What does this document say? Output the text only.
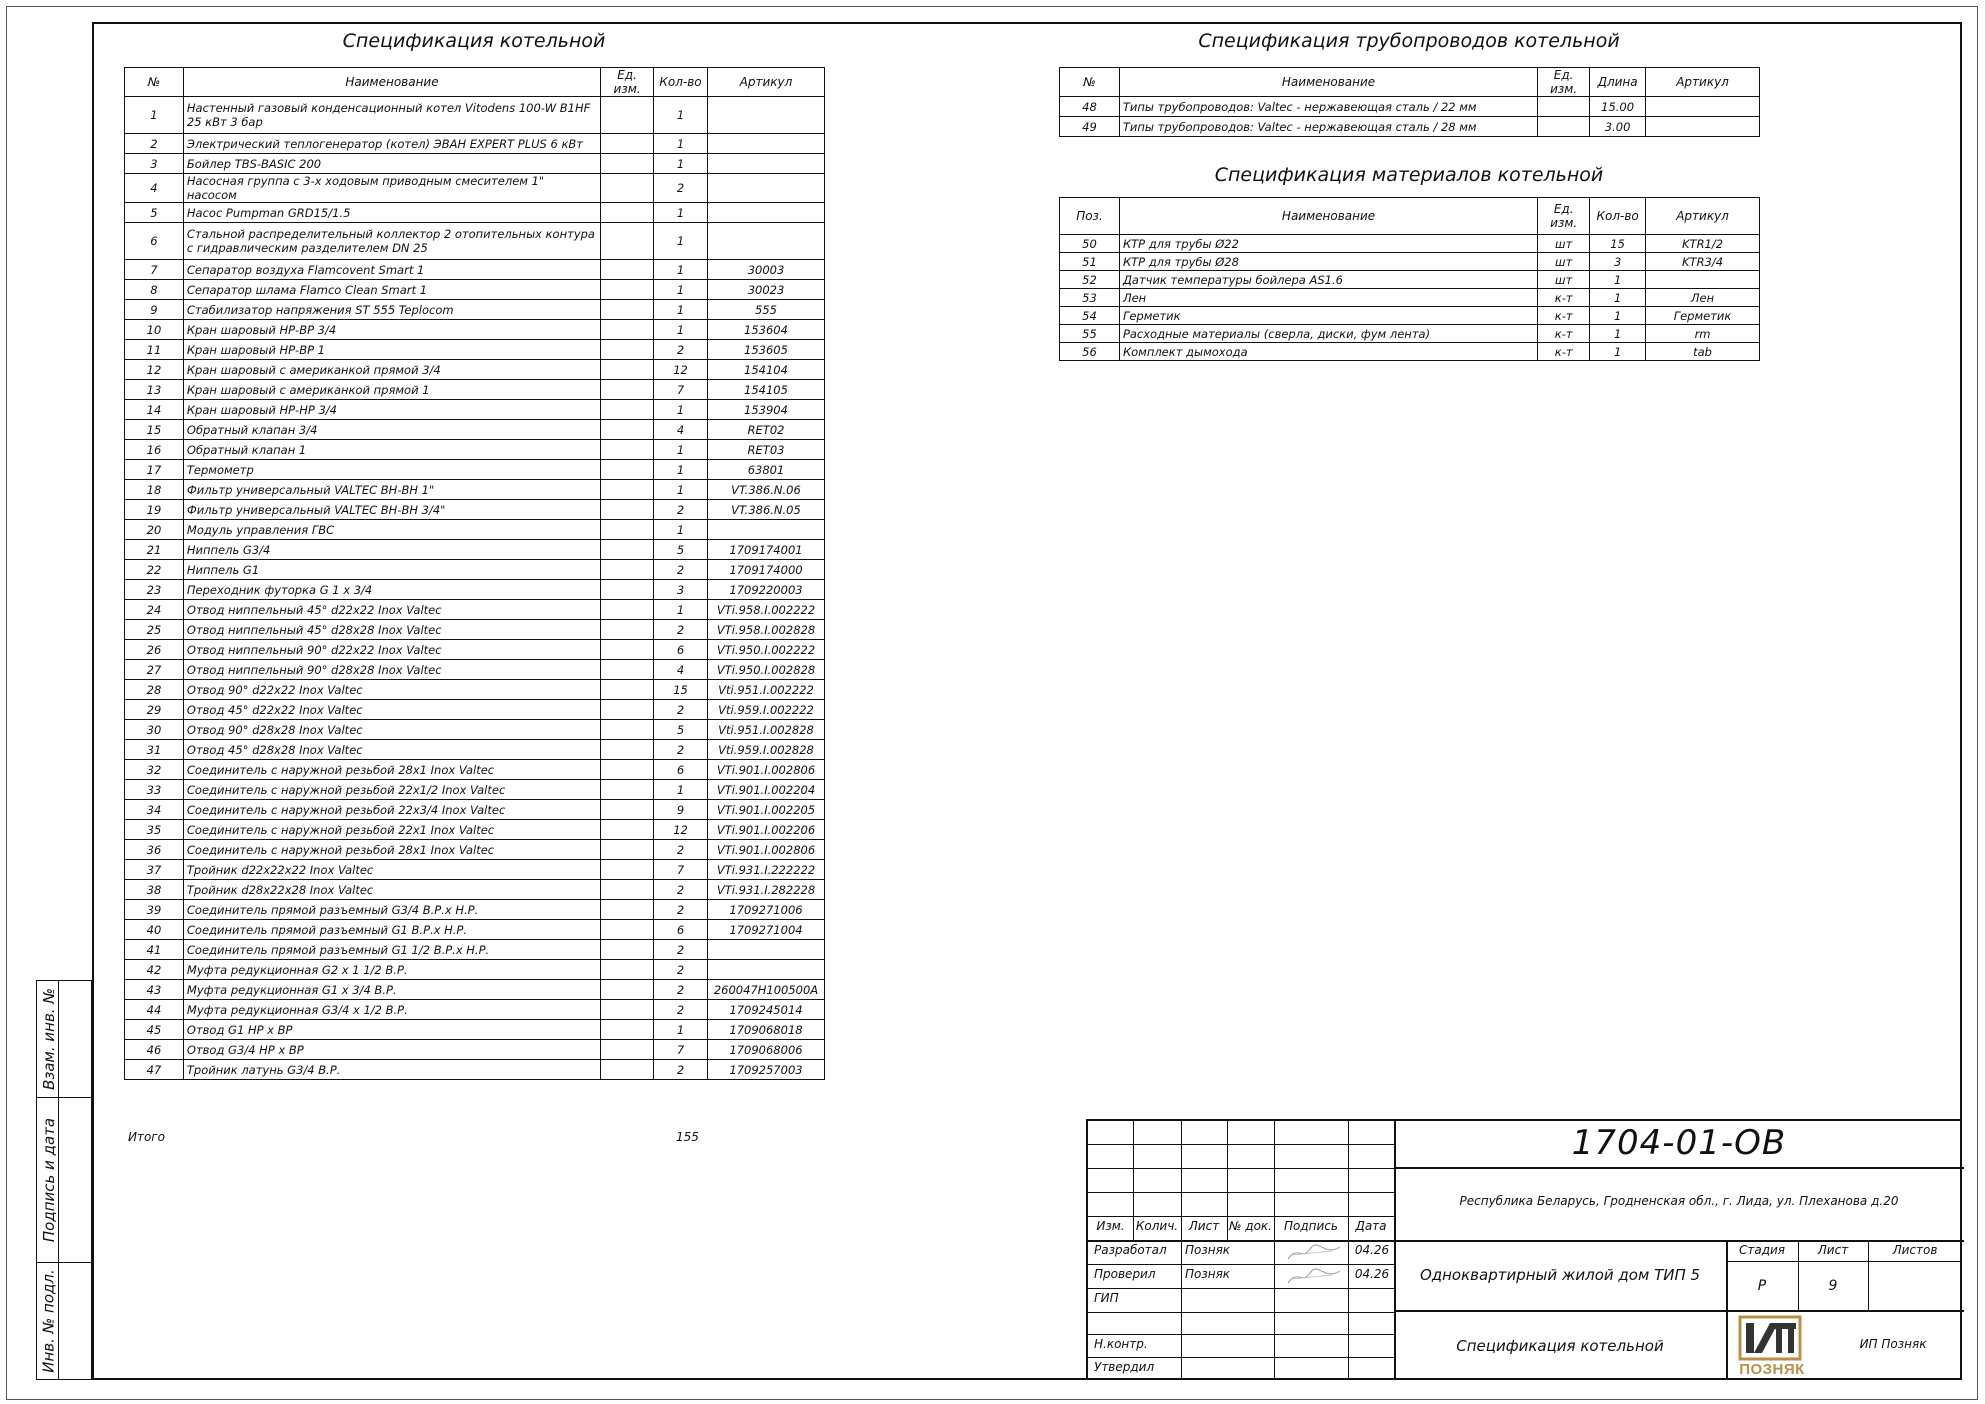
Взам. инв. №
Подпись и дата
Инв. № подл.
Спецификация котельной
№	Наименование	Ед. изм.	Кол-во	Артикул
1	Настенный газовый конденсационный котел Vitodens 100-W B1HF 25 кВт 3 бар		1	
2	Электрический теплогенератор (котел) ЭВАН EXPERT PLUS 6 кВт		1	
3	Бойлер TBS-BASIC 200		1	
4	Насосная группа с 3-х ходовым приводным смесителем 1" насосом		2	
5	Насос Pumpman GRD15/1.5		1	
6	Стальной распределительный коллектор 2 отопительных контура с гидравлическим разделителем DN 25		1	
7	Сепаратор воздуха Flamcovent Smart 1		1	30003
8	Сепаратор шлама Flamco Clean Smart 1		1	30023
9	Стабилизатор напряжения ST 555 Teplocom		1	555
10	Кран шаровый НР-ВР 3/4		1	153604
11	Кран шаровый НР-ВР 1		2	153605
12	Кран шаровый с американкой прямой 3/4		12	154104
13	Кран шаровый с американкой прямой 1		7	154105
14	Кран шаровый НР-НР 3/4		1	153904
15	Обратный клапан 3/4		4	RET02
16	Обратный клапан 1		1	RET03
17	Термометр		1	63801
18	Фильтр универсальный VALTEC ВН-ВН 1"		1	VT.386.N.06
19	Фильтр универсальный VALTEC ВН-ВН 3/4"		2	VT.386.N.05
20	Модуль управления ГВС		1	
21	Ниппель G3/4		5	1709174001
22	Ниппель G1		2	1709174000
23	Переходник футорка G 1 x 3/4		3	1709220003
24	Отвод ниппельный 45° d22x22 Inox Valtec		1	VTi.958.I.002222
25	Отвод ниппельный 45° d28x28 Inox Valtec		2	VTi.958.I.002828
26	Отвод ниппельный 90° d22x22 Inox Valtec		6	VTi.950.I.002222
27	Отвод ниппельный 90° d28x28 Inox Valtec		4	VTi.950.I.002828
28	Отвод 90° d22x22 Inox Valtec		15	Vti.951.I.002222
29	Отвод 45° d22x22 Inox Valtec		2	Vti.959.I.002222
30	Отвод 90° d28x28 Inox Valtec		5	Vti.951.I.002828
31	Отвод 45° d28x28 Inox Valtec		2	Vti.959.I.002828
32	Соединитель с наружной резьбой 28x1 Inox Valtec		6	VTi.901.I.002806
33	Соединитель с наружной резьбой 22x1/2 Inox Valtec		1	VTi.901.I.002204
34	Соединитель с наружной резьбой 22x3/4 Inox Valtec		9	VTi.901.I.002205
35	Соединитель с наружной резьбой 22x1 Inox Valtec		12	VTi.901.I.002206
36	Соединитель с наружной резьбой 28x1 Inox Valtec		2	VTi.901.I.002806
37	Тройник d22x22x22 Inox Valtec		7	VTi.931.I.222222
38	Тройник d28x22x28 Inox Valtec		2	VTi.931.I.282228
39	Соединитель прямой разъемный G3/4 В.Р.х Н.Р.		2	1709271006
40	Соединитель прямой разъемный G1 В.Р.х Н.Р.		6	1709271004
41	Соединитель прямой разъемный G1 1/2 В.Р.х Н.Р.		2	
42	Муфта редукционная G2 x 1 1/2 В.Р.		2	
43	Муфта редукционная G1 x 3/4 В.Р.		2	260047H100500A
44	Муфта редукционная G3/4 x 1/2 В.Р.		2	1709245014
45	Отвод G1 НР х ВР		1	1709068018
46	Отвод G3/4 НР х ВР		7	1709068006
47	Тройник латунь G3/4 В.Р.		2	1709257003
Итого	155
Спецификация трубопроводов котельной
№	Наименование	Ед. изм.	Длина	Артикул
48	Типы трубопроводов: Valtec - нержавеющая сталь / 22 мм		15.00	
49	Типы трубопроводов: Valtec - нержавеющая сталь / 28 мм		3.00	
Спецификация материалов котельной
Поз.	Наименование	Ед. изм.	Кол-во	Артикул
50	КТР для трубы Ø22	шт	15	KTR1/2
51	КТР для трубы Ø28	шт	3	KTR3/4
52	Датчик температуры бойлера AS1.6	шт	1	
53	Лен	к-т	1	Лен
54	Герметик	к-т	1	Герметик
55	Расходные материалы (сверла, диски, фум лента)	к-т	1	rm
56	Комплект дымохода	к-т	1	tab
Изм. Колич. Лист № док.	Подпись	Дата
Разработал	Позняк	04.26
Проверил	Позняк	04.26
ГИП
Н.контр.
Утвердил
1704-01-ОВ
Республика Беларусь, Гродненская обл., г. Лида, ул. Плеханова д.20
Одноквартирный жилой дом ТИП 5
Стадия	Лист	Листов
Р	9
Спецификация котельной
ПОЗНЯК
ИП Позняк
